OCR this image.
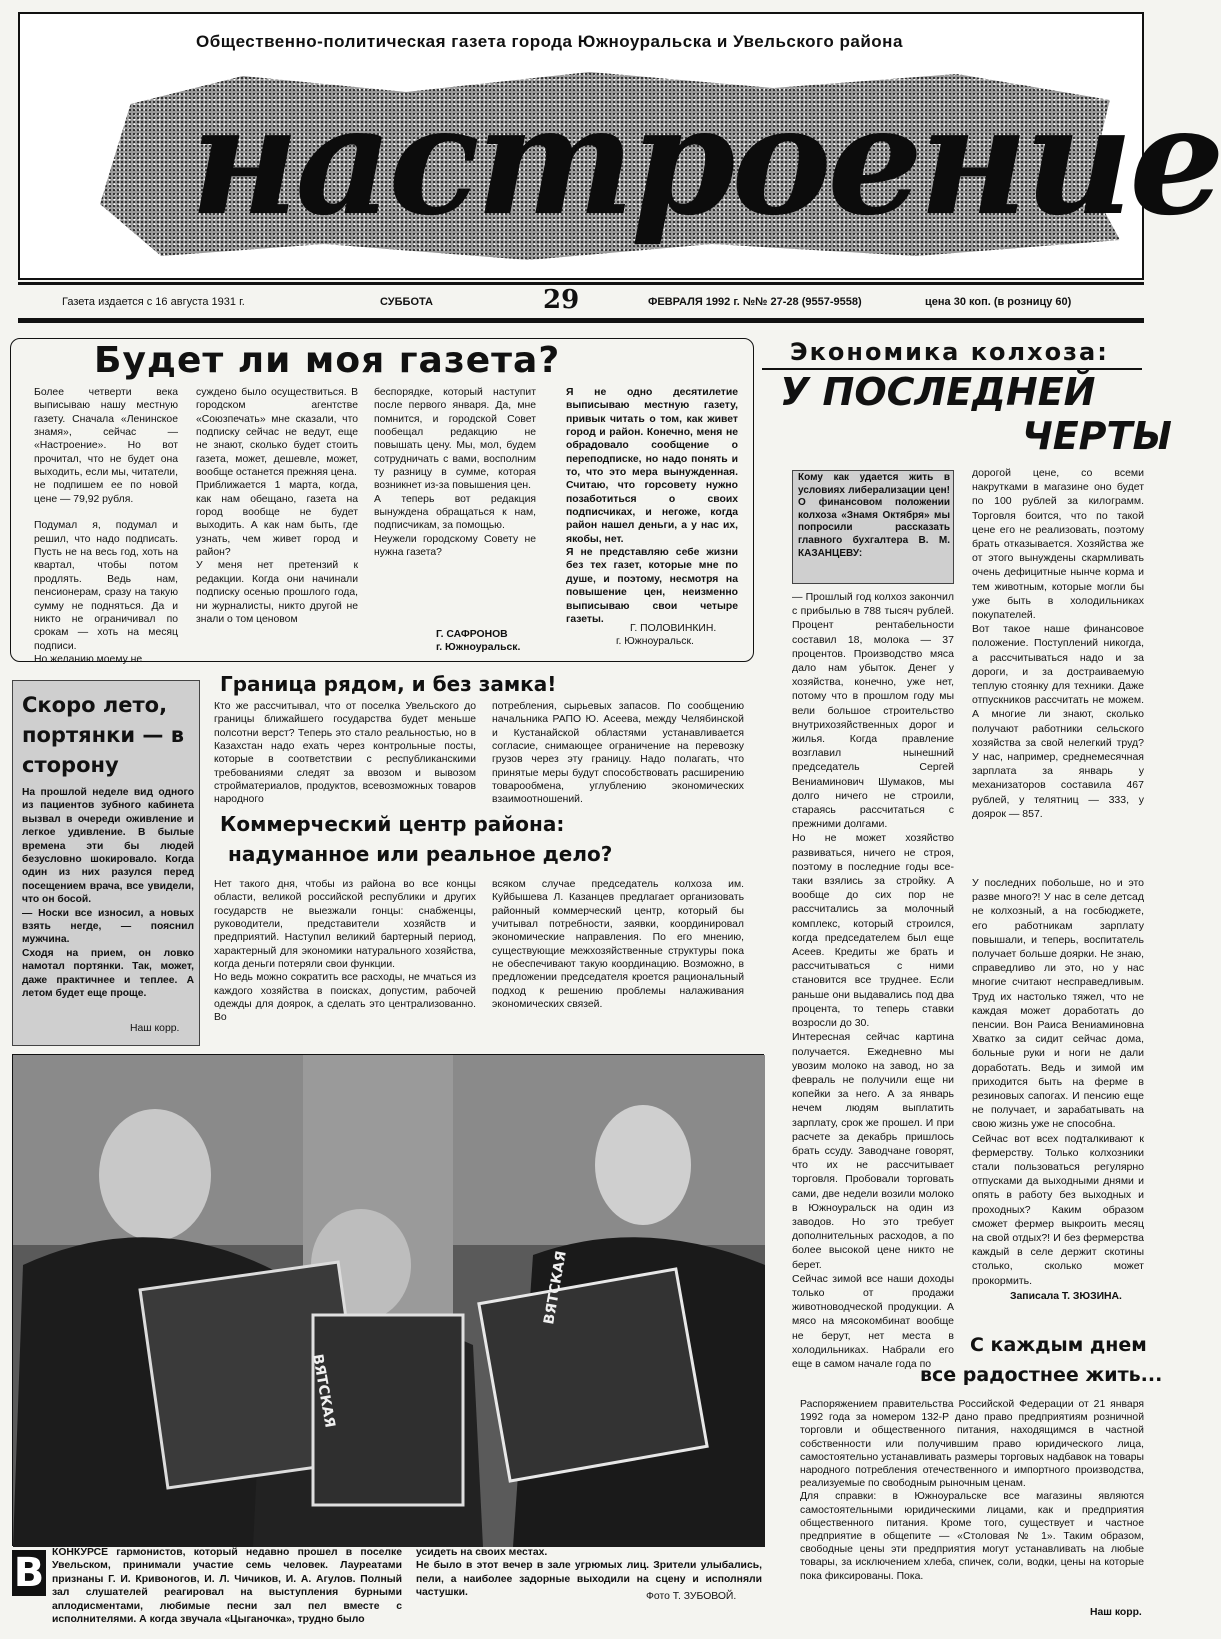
Общественно-политическая газета города Южноуральска и Увельского района
настроение
Газета издается с 16 августа 1931 г.	СУББОТА	29	ФЕВРАЛЯ 1992 г. №№ 27-28 (9557-9558)	цена 30 коп. (в розницу 60)
Будет ли моя газета?
Более четверти века выписываю нашу местную газету. Сначала «Ленинское знамя», сейчас — «Настроение». Но вот прочитал, что не будет она выходить, если мы, читатели, не подпишем ее по новой цене — 79,92 рубля.

Подумал я, подумал и решил, что надо подписать. Пусть не на весь год, хоть на квартал, чтобы потом продлять. Ведь нам, пенсионерам, сразу на такую сумму не подняться. Да и никто не ограничивал по срокам — хоть на месяц подписи.
Но желанию моему не
суждено было осуществиться. В городском агентстве «Союзпечать» мне сказали, что подписку сейчас не ведут, еще не знают, сколько будет стоить газета, может, дешевле, может, вообще останется прежняя цена.
Приближается 1 марта, когда, как нам обещано, газета на город вообще не будет выходить. А как нам быть, где узнать, чем живет город и район?
У меня нет претензий к редакции. Когда они начинали подписку осенью прошлого года, ни журналисты, никто другой не знали о том ценовом
беспорядке, который наступит после первого января. Да, мне помнится, и городской Совет пообещал редакцию не повышать цену. Мы, мол, будем сотрудничать с вами, восполним ту разницу в сумме, которая возникнет из-за повышения цен.
А теперь вот редакция вынуждена обращаться к нам, подписчикам, за помощью.
Неужели городскому Совету не нужна газета?
Г. САФРОНОВ
г. Южноуральск.
Я не одно десятилетие выписываю местную газету, привык читать о том, как живет город и район. Конечно, меня не обрадовало сообщение о переподписке, но надо понять и то, что это мера вынужденная. Считаю, что горсовету нужно позаботиться о своих подписчиках, и негоже, когда район нашел деньги, а у нас их, якобы, нет.
Я не представляю себе жизни без тех газет, которые мне по душе, и поэтому, несмотря на повышение цен, неизменно выписываю свои четыре газеты.
Г. ПОЛОВИНКИН.
г. Южноуральск.
Экономика колхоза:
У ПОСЛЕДНЕЙ
ЧЕРТЫ
Кому как удается жить в условиях либерализации цен! О финансовом положении колхоза «Знамя Октября» мы попросили рассказать главного бухгалтера В. М. КАЗАНЦЕВУ:
— Прошлый год колхоз закончил с прибылью в 788 тысяч рублей. Процент рентабельности составил 18, молока — 37 процентов. Производство мяса дало нам убыток. Денег у хозяйства, конечно, уже нет, потому что в прошлом году мы вели большое строительство внутрихозяйственных дорог и жилья. Когда правление возглавил нынешний председатель Сергей Вениаминович Шумаков, мы долго ничего не строили, стараясь рассчитаться с прежними долгами.
Но не может хозяйство развиваться, ничего не строя, поэтому в последние годы все-таки взялись за стройку. А вообще до сих пор не рассчитались за молочный комплекс, который строился, когда председателем был еще Асеев. Кредиты же брать и рассчитываться с ними становится все труднее. Если раньше они выдавались под два процента, то теперь ставки возросли до 30.
Интересная сейчас картина получается. Ежедневно мы увозим молоко на завод, но за февраль не получили еще ни копейки за него. А за январь нечем людям выплатить зарплату, срок же прошел. И при расчете за декабрь пришлось брать ссуду. Заводчане говорят, что их не рассчитывает торговля. Пробовали торговать сами, две недели возили молоко в Южноуральск на один из заводов. Но это требует дополнительных расходов, а по более высокой цене никто не берет.
Сейчас зимой все наши доходы только от продажи животноводческой продукции. А мясо на мясокомбинат вообще не берут, нет места в холодильниках. Набрали его еще в самом начале года по
дорогой цене, со всеми накрутками в магазине оно будет по 100 рублей за килограмм. Торговля боится, что по такой цене его не реализовать, поэтому брать отказывается. Хозяйства же от этого вынуждены скармливать очень дефицитные нынче корма и тем животным, которые могли бы уже быть в холодильниках покупателей.
Вот такое наше финансовое положение. Поступлений никогда, а рассчитываться надо и за дороги, и за достраиваемую теплую стоянку для техники. Даже отпускников рассчитать не можем. А многие ли знают, сколько получают работники сельского хозяйства за свой нелегкий труд? У нас, например, среднемесячная зарплата за январь у механизаторов составила 467 рублей, у телятниц — 333, у доярок — 857.
У последних побольше, но и это разве много?! У нас в селе детсад не колхозный, а на госбюджете, его работникам зарплату повышали, и теперь, воспитатель получает больше доярки. Не знаю, справедливо ли это, но у нас многие считают несправедливым. Труд их настолько тяжел, что не каждая может доработать до пенсии. Вон Раиса Вениаминовна Хватко за сидит сейчас дома, больные руки и ноги не дали доработать. Ведь и зимой им приходится быть на ферме в резиновых сапогах. И пенсию еще не получает, и зарабатывать на свою жизнь уже не способна.
Сейчас вот всех подталкивают к фермерству. Только колхозники стали пользоваться регулярно отпусками да выходными днями и опять в работу без выходных и проходных? Каким образом сможет фермер выкроить месяц на свой отдых?! И без фермерства каждый в селе держит скотины столько, сколько может прокормить.
Записала Т. ЗЮЗИНА.
Скоро лето, портянки — в сторону
На прошлой неделе вид одного из пациентов зубного кабинета вызвал в очереди оживление и легкое удивление. В былые времена эти бы людей безусловно шокировало. Когда один из них разулся перед посещением врача, все увидели, что он босой.
— Носки все износил, а новых взять негде, — пояснил мужчина.
Сходя на прием, он ловко намотал портянки. Так, может, даже практичнее и теплее. А летом будет еще проще.
Наш корр.
Граница рядом, и без замка!
Кто же рассчитывал, что от поселка Увельского до границы ближайшего государства будет меньше полсотни верст? Теперь это стало реальностью, но в Казахстан надо ехать через контрольные посты, которые в соответствии с республиканскими требованиями следят за ввозом и вывозом стройматериалов, продуктов, всевозможных товаров народного
потребления, сырьевых запасов. По сообщению начальника РАПО Ю. Асеева, между Челябинской и Кустанайской областями устанавливается согласие, снимающее ограничение на перевозку грузов через эту границу. Надо полагать, что принятые меры будут способствовать расширению товарообмена, углублению экономических взаимоотношений.
Коммерческий центр района:
надуманное или реальное дело?
Нет такого дня, чтобы из района во все концы области, великой российской республики и других государств не выезжали гонцы: снабженцы, руководители, представители хозяйств и предприятий. Наступил великий бартерный период, характерный для экономики натурального хозяйства, когда деньги потеряли свои функции.
Но ведь можно сократить все расходы, не мчаться из каждого хозяйства в поисках, допустим, рабочей одежды для доярок, а сделать это централизованно. Во
всяком случае председатель колхоза им. Куйбышева Л. Казанцев предлагает организовать районный коммерческий центр, который бы учитывал потребности, заявки, координировал экономические направления. По его мнению, существующие межхозяйственные структуры пока не обеспечивают такую координацию. Возможно, в предложении председателя кроется рациональный подход к решению проблемы налаживания экономических связей.
ВЯТСКАЯ
ВЯТСКАЯ
В КОНКУРСЕ гармонистов, который недавно прошел в поселке Увельском, принимали участие семь человек. Лауреатами признаны Г. И. Кривоногов, И. Л. Чичиков, И. А. Агулов. Полный зал слушателей реагировал на выступления бурными аплодисментами, любимые песни зал пел вместе с исполнителями. А когда звучала «Цыганочка», трудно было
усидеть на своих местах.
Не было в этот вечер в зале угрюмых лиц. Зрители улыбались, пели, а наиболее задорные выходили на сцену и исполняли частушки.	Фото Т. ЗУБОВОЙ.
С каждым днем
все радостнее жить...
Распоряжением правительства Российской Федерации от 21 января 1992 года за номером 132-Р дано право предприятиям розничной торговли и общественного питания, находящимся в частной собственности или получившим право юридического лица, самостоятельно устанавливать размеры торговых надбавок на товары народного потребления отечественного и импортного производства, реализуемые по свободным рыночным ценам.
Для справки: в Южноуральске все магазины являются самостоятельными юридическими лицами, как и предприятия общественного питания. Кроме того, существует и частное предприятие в общепите — «Столовая № 1». Таким образом, свободные цены эти предприятия могут устанавливать на любые товары, за исключением хлеба, спичек, соли, водки, цены на которые пока фиксированы. Пока.
Наш корр.
